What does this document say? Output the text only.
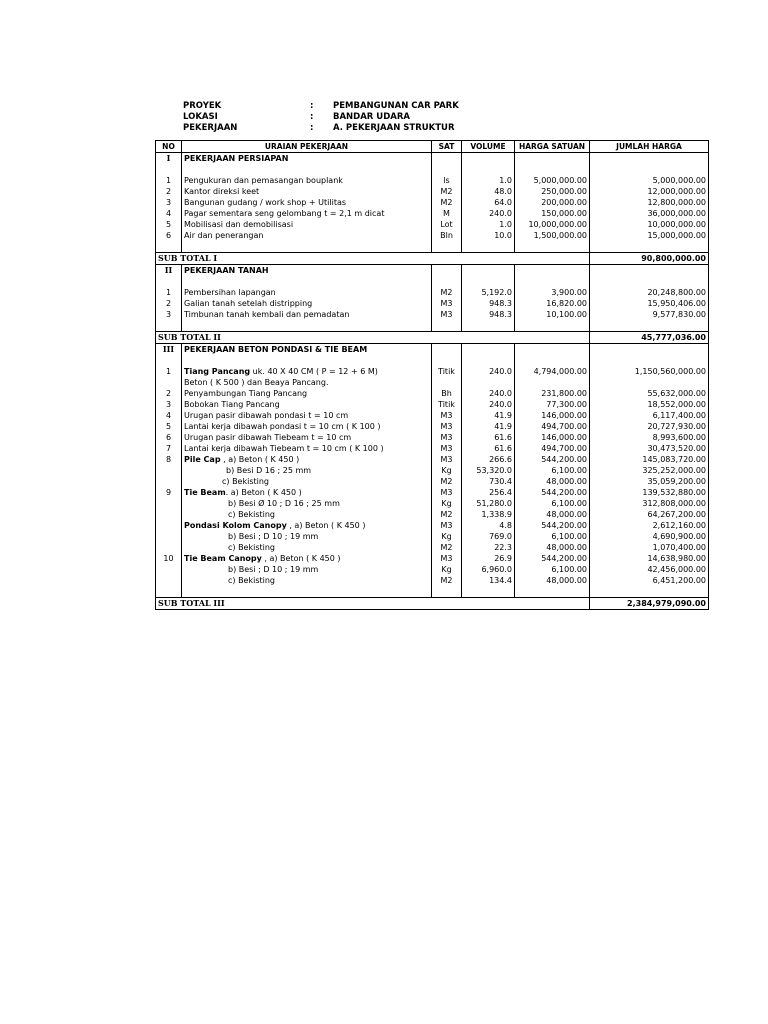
PROYEK	: PEMBANGUNAN CAR PARK
LOKASI	: BANDAR UDARA
PEKERJAAN	: A. PEKERJAAN STRUKTUR
NO	URAIAN PEKERJAAN	SAT	VOLUME	HARGA SATUAN	JUMLAH HARGA
I	PEKERJAAN PERSIAPAN				

1	Pengukuran dan pemasangan bouplank	ls	1.0	5,000,000.00	5,000,000.00
2	Kantor direksi keet	M2	48.0	250,000.00	12,000,000.00
3	Bangunan gudang / work shop + Utilitas	M2	64.0	200,000.00	12,800,000.00
4	Pagar sementara seng gelombang t = 2,1 m dicat	M	240.0	150,000.00	36,000,000.00
5	Mobilisasi dan demobilisasi	Lot	1.0	10,000,000.00	10,000,000.00
6	Air dan penerangan	Bln	10.0	1,500,000.00	15,000,000.00

SUB TOTAL I					90,800,000.00
II	PEKERJAAN TANAH				

1	Pembersihan lapangan	M2	5,192.0	3,900.00	20,248,800.00
2	Galian tanah setelah distripping	M3	948.3	16,820.00	15,950,406.00
3	Timbunan tanah kembali dan pemadatan	M3	948.3	10,100.00	9,577,830.00

SUB TOTAL II					45,777,036.00
III	PEKERJAAN BETON PONDASI & TIE BEAM				

1	Tiang Pancang uk. 40 X 40 CM ( P = 12 + 6 M)	Titik	240.0	4,794,000.00	1,150,560,000.00
	Beton ( K 500 ) dan Beaya Pancang.				
2	Penyambungan Tiang Pancang	Bh	240.0	231,800.00	55,632,000.00
3	Bobokan Tiang Pancang	Titik	240.0	77,300.00	18,552,000.00
4	Urugan pasir dibawah pondasi t = 10 cm	M3	41.9	146,000.00	6,117,400.00
5	Lantai kerja dibawah pondasi t = 10 cm ( K 100 )	M3	41.9	494,700.00	20,727,930.00
6	Urugan pasir dibawah Tiebeam t = 10 cm	M3	61.6	146,000.00	8,993,600.00
7	Lantai kerja dibawah Tiebeam t = 10 cm ( K 100 )	M3	61.6	494,700.00	30,473,520.00
8	Pile Cap , a) Beton ( K 450 )	M3	266.6	544,200.00	145,083,720.00
	b) Besi D 16 ; 25 mm	Kg	53,320.0	6,100.00	325,252,000.00
	c) Bekisting	M2	730.4	48,000.00	35,059,200.00
9	Tie Beam. a) Beton ( K 450 )	M3	256.4	544,200.00	139,532,880.00
	b) Besi Ø 10 ; D 16 ; 25 mm	Kg	51,280.0	6,100.00	312,808,000.00
	c) Bekisting	M2	1,338.9	48,000.00	64,267,200.00
	Pondasi Kolom Canopy , a) Beton ( K 450 )	M3	4.8	544,200.00	2,612,160.00
	b) Besi ; D 10 ; 19 mm	Kg	769.0	6,100.00	4,690,900.00
	c) Bekisting	M2	22.3	48,000.00	1,070,400.00
10	Tie Beam Canopy , a) Beton ( K 450 )	M3	26.9	544,200.00	14,638,980.00
	b) Besi ; D 10 ; 19 mm	Kg	6,960.0	6,100.00	42,456,000.00
	c) Bekisting	M2	134.4	48,000.00	6,451,200.00

SUB TOTAL III					2,384,979,090.00
